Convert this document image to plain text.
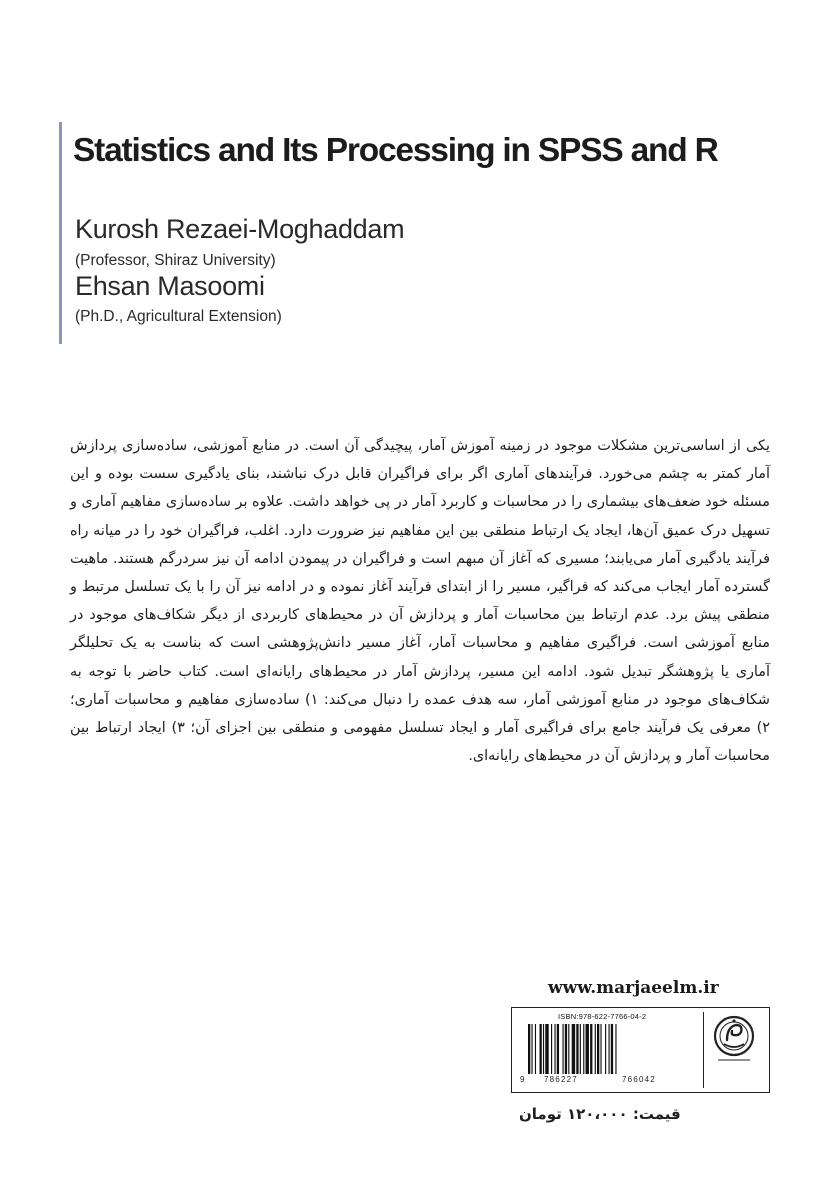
Statistics and Its Processing in SPSS and R

Kurosh Rezaei-Moghaddam

(Professor, Shiraz University)

Ehsan Masoomi

(Ph.D., Agricultural Extension)

یکی از اساسی‌ترین مشکلات موجود در زمینه آموزش آمار، پیچیدگی آن است. در منابع آموزشی، ساده‌سازی پردازش آمار کمتر به چشم می‌خورد. فرآیندهای آماری اگر برای فراگیران قابل درک نباشند، بنای یادگیری سست بوده و این مسئله خود ضعف‌های بیشماری را در محاسبات و کاربرد آمار در پی خواهد داشت. علاوه بر ساده‌سازی مفاهیم آماری و تسهیل درک عمیق آن‌ها، ایجاد یک ارتباط منطقی بین این مفاهیم نیز ضرورت دارد. اغلب، فراگیران خود را در میانه راه فرآیند یادگیری آمار می‌یابند؛ مسیری که آغاز آن مبهم است و فراگیران در پیمودن ادامه آن نیز سردرگم هستند. ماهیت گسترده آمار ایجاب می‌کند که فراگیر، مسیر را از ابتدای فرآیند آغاز نموده و در ادامه نیز آن را با یک تسلسل مرتبط و منطقی پیش برد. عدم ارتباط بین محاسبات آمار و پردازش آن در محیط‌های کاربردی از دیگر شکاف‌های موجود در منابع آموزشی است. فراگیری مفاهیم و محاسبات آمار، آغاز مسیر دانش‌پژوهشی است که بناست به یک تحلیلگر آماری یا پژوهشگر تبدیل شود. ادامه این مسیر، پردازش آمار در محیط‌های رایانه‌ای است. کتاب حاضر با توجه به شکاف‌های موجود در منابع آموزشی آمار، سه هدف عمده را دنبال می‌کند: ۱) ساده‌سازی مفاهیم و محاسبات آماری؛ ۲) معرفی یک فرآیند جامع برای فراگیری آمار و ایجاد تسلسل مفهومی و منطقی بین اجزای آن؛ ۳) ایجاد ارتباط بین محاسبات آمار و پردازش آن در محیط‌های رایانه‌ای.

www.marjaeelm.ir

ISBN:978-622-7766-04-2
9 786227	766042

قیمت: ۱۲۰،۰۰۰ تومان
